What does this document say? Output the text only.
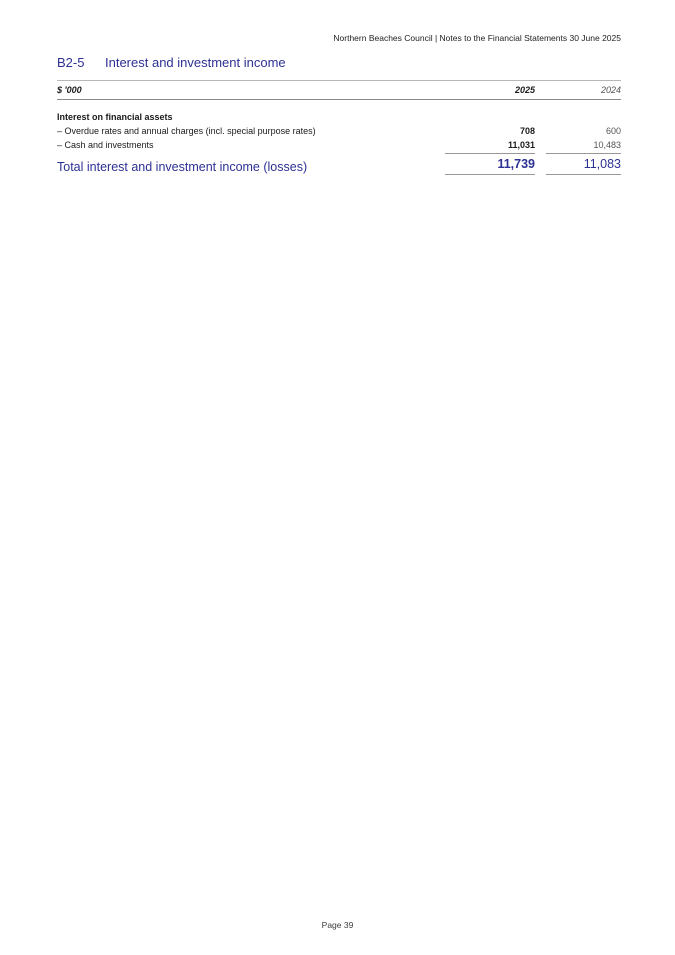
Northern Beaches Council | Notes to the Financial Statements 30 June 2025
B2-5	Interest and investment income
$ '000	2025	2024
Interest on financial assets
– Overdue rates and annual charges (incl. special purpose rates)	708	600
– Cash and investments	11,031	10,483
Total interest and investment income (losses)	11,739	11,083
Page 39
